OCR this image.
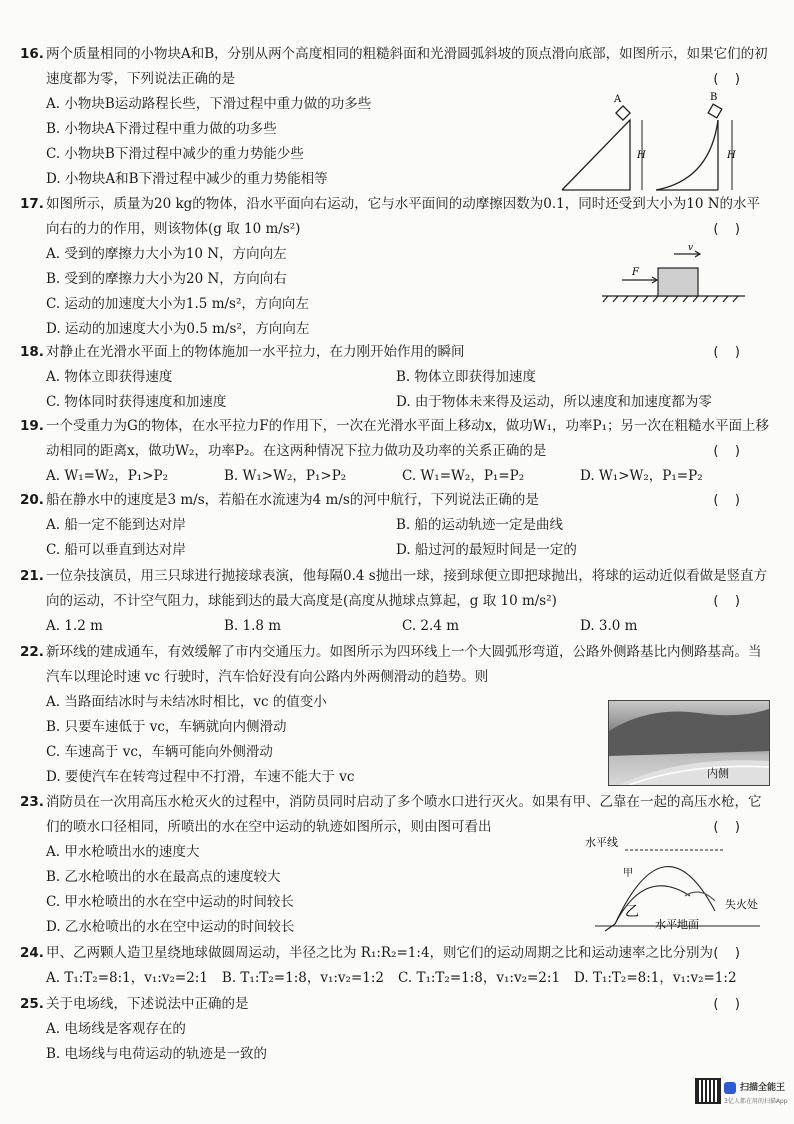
16. 两个质量相同的小物块A和B，分别从两个高度相同的粗糙斜面和光滑圆弧斜坡的顶点滑向底部，如图所示，如果它们的初速度都为零，下列说法正确的是	(    )
A. 小物块B运动路程长些，下滑过程中重力做的功多些
B. 小物块A下滑过程中重力做的功多些
C. 小物块B下滑过程中减少的重力势能少些
D. 小物块A和B下滑过程中减少的重力势能相等
A	B
H	H
17. 如图所示，质量为20 kg的物体，沿水平面向右运动，它与水平面间的动摩擦因数为0.1，同时还受到大小为10 N的水平向右的力的作用，则该物体(g 取 10 m/s²)	(    )
A. 受到的摩擦力大小为10 N，方向向左
B. 受到的摩擦力大小为20 N，方向向右
C. 运动的加速度大小为1.5 m/s²，方向向左
D. 运动的加速度大小为0.5 m/s²，方向向左
F
v
18. 对静止在光滑水平面上的物体施加一水平拉力，在力刚开始作用的瞬间	(    )
A. 物体立即获得速度	B. 物体立即获得加速度
C. 物体同时获得速度和加速度	D. 由于物体未来得及运动，所以速度和加速度都为零
19. 一个受重力为G的物体，在水平拉力F的作用下，一次在光滑水平面上移动x，做功W₁，功率P₁；另一次在粗糙水平面上移动相同的距离x，做功W₂，功率P₂。在这两种情况下拉力做功及功率的关系正确的是	(    )
A. W₁=W₂，P₁>P₂	B. W₁>W₂，P₁>P₂	C. W₁=W₂，P₁=P₂	D. W₁>W₂，P₁=P₂
20. 船在静水中的速度是3 m/s，若船在水流速为4 m/s的河中航行，下列说法正确的是	(    )
A. 船一定不能到达对岸	B. 船的运动轨迹一定是曲线
C. 船可以垂直到达对岸	D. 船过河的最短时间是一定的
21. 一位杂技演员，用三只球进行抛接球表演，他每隔0.4 s抛出一球，接到球便立即把球抛出，将球的运动近似看做是竖直方向的运动，不计空气阻力，球能到达的最大高度是(高度从抛球点算起，g 取 10 m/s²)	(    )
A. 1.2 m	B. 1.8 m	C. 2.4 m	D. 3.0 m
22. 新环线的建成通车，有效缓解了市内交通压力。如图所示为四环线上一个大圆弧形弯道，公路外侧路基比内侧路基高。当汽车以理论时速 vc 行驶时，汽车恰好没有向公路内外两侧滑动的趋势。则
A. 当路面结冰时与未结冰时相比，vc 的值变小
B. 只要车速低于 vc，车辆就向内侧滑动
C. 车速高于 vc，车辆可能向外侧滑动
D. 要使汽车在转弯过程中不打滑，车速不能大于 vc	内侧
23. 消防员在一次用高压水枪灭火的过程中，消防员同时启动了多个喷水口进行灭火。如果有甲、乙靠在一起的高压水枪，它们的喷水口径相同，所喷出的水在空中运动的轨迹如图所示，则由图可看出	(    )
A. 甲水枪喷出水的速度大
B. 乙水枪喷出的水在最高点的速度较大
C. 甲水枪喷出的水在空中运动的时间较长
D. 乙水枪喷出的水在空中运动的时间较长
水平线
甲
乙	失火处
水平地面
24. 甲、乙两颗人造卫星绕地球做圆周运动，半径之比为 R₁:R₂=1:4，则它们的运动周期之比和运动速率之比分别为 (    )
A. T₁:T₂=8:1，v₁:v₂=2:1 B. T₁:T₂=1:8，v₁:v₂=1:2 C. T₁:T₂=1:8，v₁:v₂=2:1 D. T₁:T₂=8:1，v₁:v₂=1:2
25. 关于电场线，下述说法中正确的是	(    )
A. 电场线是客观存在的
B. 电场线与电荷运动的轨迹是一致的
扫描全能王
3亿人都在用的扫描App
